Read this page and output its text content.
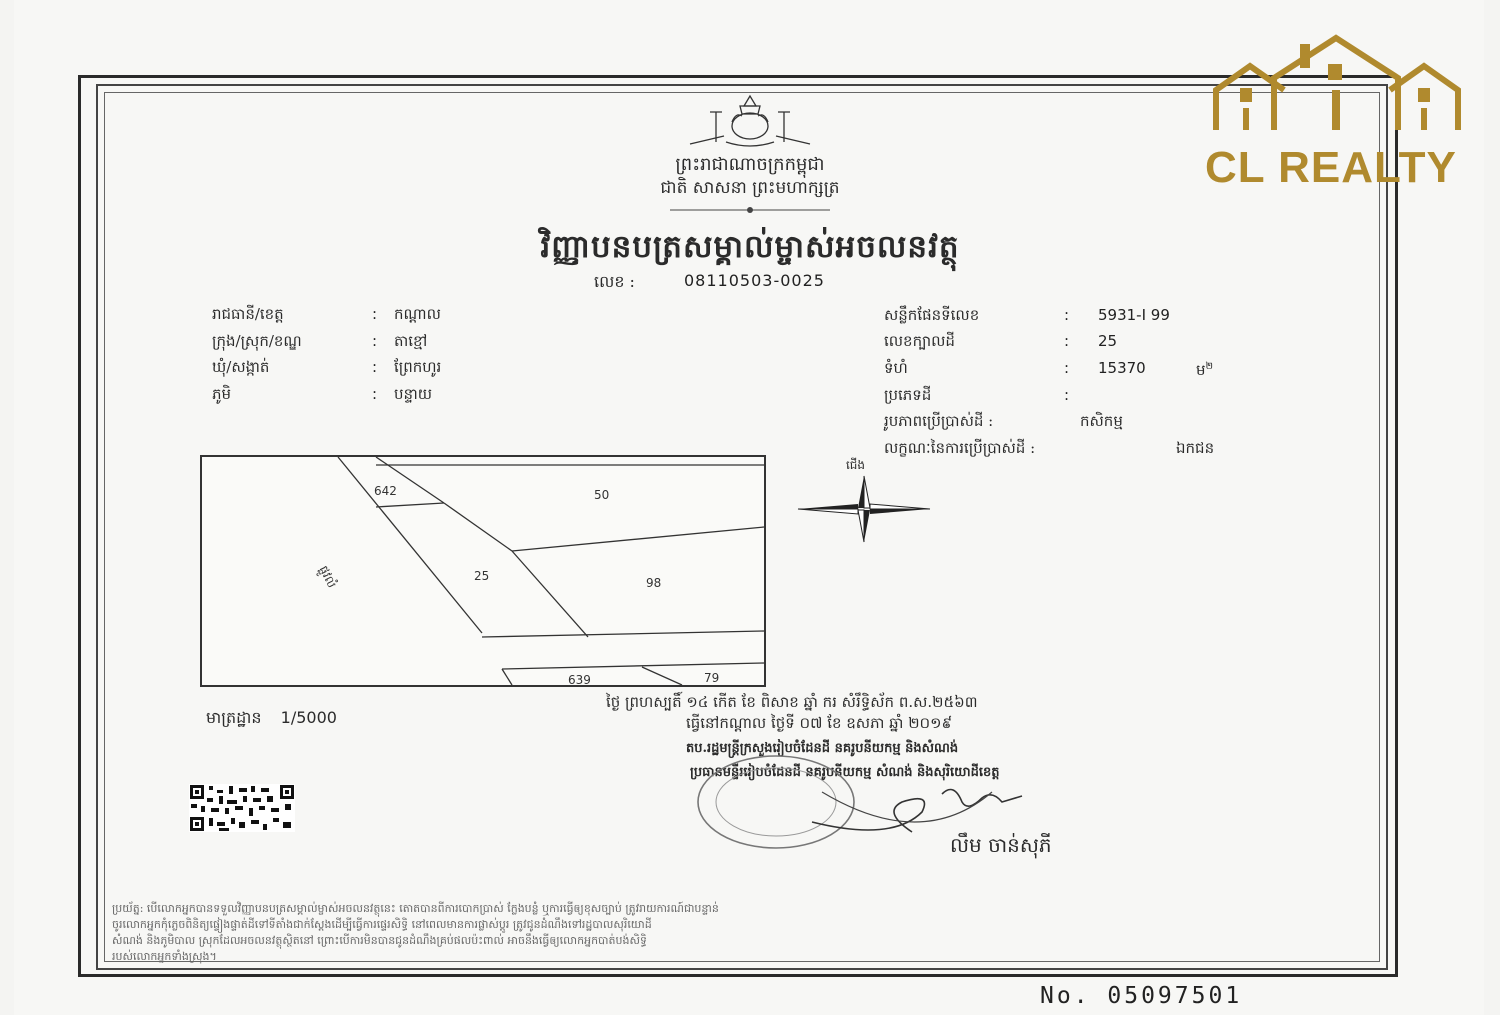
CL REALTY
ព្រះរាជាណាចក្រកម្ពុជា
ជាតិ សាសនា ព្រះមហាក្សត្រ
វិញ្ញាបនបត្រសម្គាល់ម្ចាស់អចលនវត្ថុ
លេខ :	08110503-0025
រាជធានី/ខេត្ត	: កណ្ដាល
ក្រុង/ស្រុក/ខណ្ឌ	: តាខ្មៅ
ឃុំ/សង្កាត់	: ព្រែកហូរ
ភូមិ	: បន្ទាយ
សន្លឹកផែនទីលេខ	: 5931-I 99
លេខក្បាលដី	: 25
ទំហំ	: 15370	ម$^២$
ប្រភេទដី	:
រូបភាពប្រើប្រាស់ដី :	កសិកម្ម
លក្ខណៈនៃការប្រើប្រាស់ដី :	ឯកជន
642	50
25	98
639	79
ផ្លូវលំ
ជើង
មាត្រដ្ឋាន 1/5000
ថ្ងៃ ព្រហស្បតិ៍ ១៤ កើត ខែ ពិសាខ ឆ្នាំ ករ សំរឹទ្ធិស័ក ព.ស.២៥៦៣
ធ្វើនៅកណ្ដាល ថ្ងៃទី ០៧ ខែ ឧសភា ឆ្នាំ ២០១៩
តប.រដ្ឋមន្ត្រីក្រសួងរៀបចំដែនដី នគរូបនីយកម្ម និងសំណង់
ប្រធានមន្ទីររៀបចំដែនដី នគរូបនីយកម្ម សំណង់ និងសុរិយោដីខេត្ត
លឹម ចាន់សុភី
ប្រយ័ត្ន: បើលោកអ្នកបានទទួលវិញ្ញាបនបត្រសម្គាល់ម្ចាស់អចលនវត្ថុនេះ តោតបានពីការបោកប្រាស់ ក្លែងបន្លំ ឬការធ្វើឲ្យខុសច្បាប់ ត្រូវរាយការណ៍ជាបន្ទាន់
ចូរលោកអ្នកកុំភ្លេចពិនិត្យផ្ទៀងផ្ទាត់ដីទៅទីតាំងជាក់ស្ដែងដើម្បីធ្វើការផ្ទេរសិទ្ធិ នៅពេលមានការផ្លាស់ប្ដូរ ត្រូវជូនដំណឹងទៅរដ្ឋបាលសុរិយោដី
សំណង់ និងភូមិបាល ស្រុកដែលអចលនវត្ថុស្ថិតនៅ ព្រោះបើការមិនបានជូនដំណឹងគ្រប់ផលប៉ះពាល់ អាចនឹងធ្វើឲ្យលោកអ្នកបាត់បង់សិទ្ធិ
របស់លោកអ្នកទាំងស្រុង។
No. 05097501
